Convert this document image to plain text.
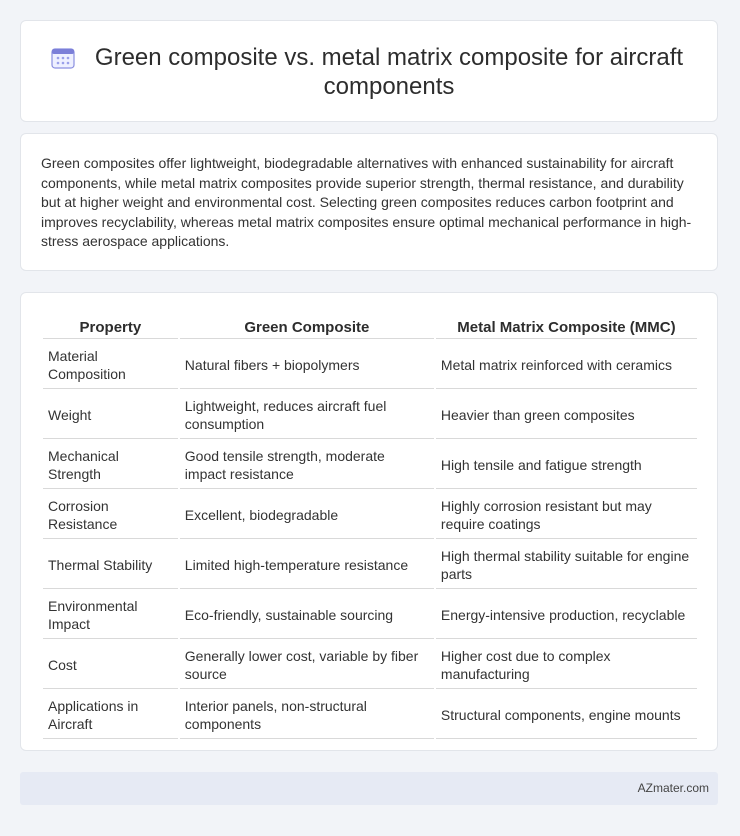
Green composite vs. metal matrix composite for aircraft components

Green composites offer lightweight, biodegradable alternatives with enhanced sustainability for aircraft components, while metal matrix composites provide superior strength, thermal resistance, and durability but at higher weight and environmental cost. Selecting green composites reduces carbon footprint and improves recyclability, whereas metal matrix composites ensure optimal mechanical performance in high-stress aerospace applications.

Property	Green Composite	Metal Matrix Composite (MMC)
Material Composition	Natural fibers + biopolymers	Metal matrix reinforced with ceramics
Weight	Lightweight, reduces aircraft fuel consumption	Heavier than green composites
Mechanical Strength	Good tensile strength, moderate impact resistance	High tensile and fatigue strength
Corrosion Resistance	Excellent, biodegradable	Highly corrosion resistant but may require coatings
Thermal Stability	Limited high-temperature resistance	High thermal stability suitable for engine parts
Environmental Impact	Eco-friendly, sustainable sourcing	Energy-intensive production, recyclable
Cost	Generally lower cost, variable by fiber source	Higher cost due to complex manufacturing
Applications in Aircraft	Interior panels, non-structural components	Structural components, engine mounts
AZmater.com
